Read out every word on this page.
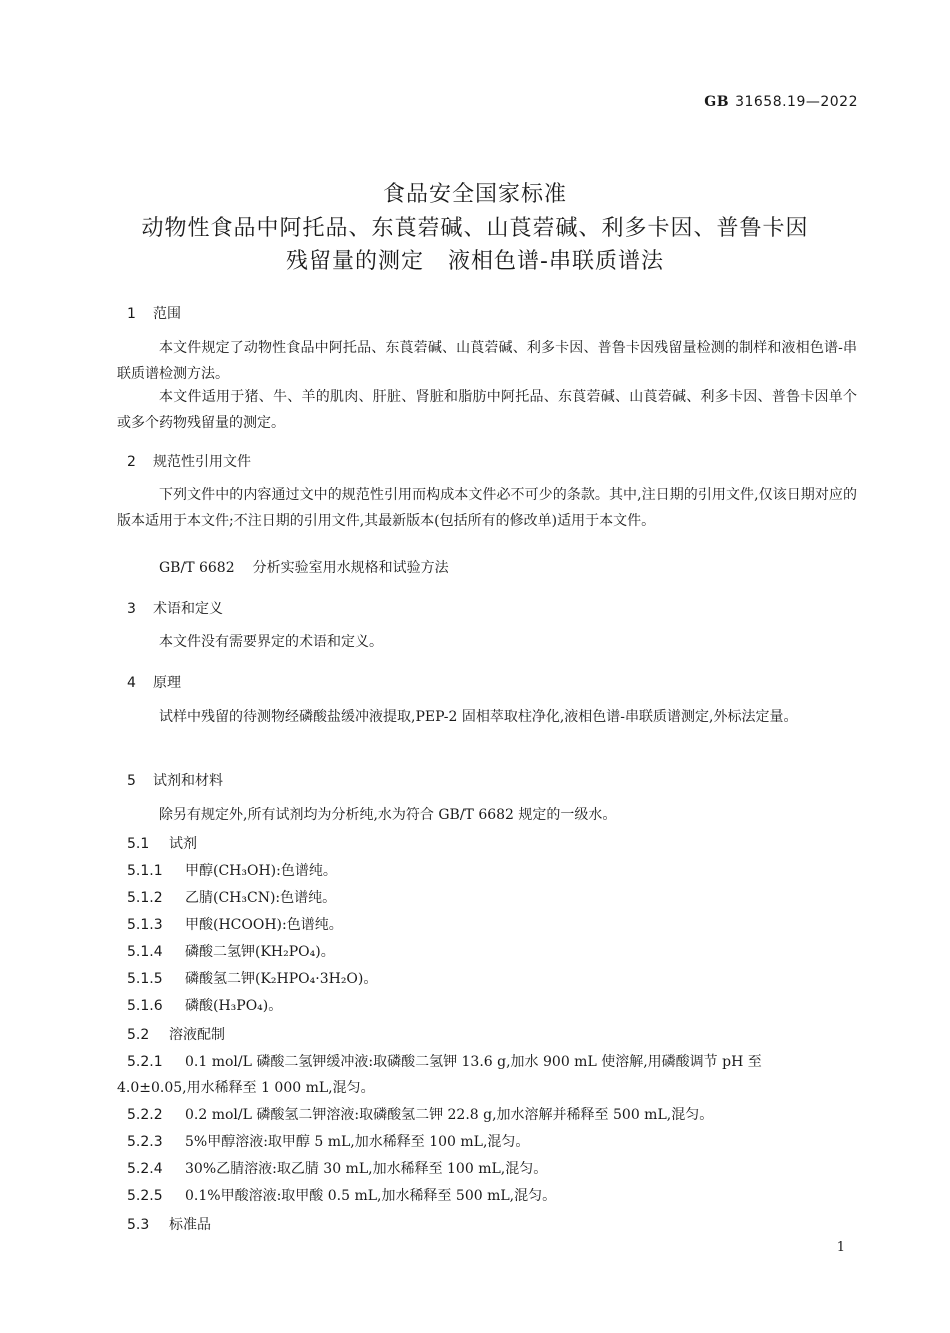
GB 31658.19—2022
食品安全国家标准
动物性食品中阿托品、东莨菪碱、山莨菪碱、利多卡因、普鲁卡因
残留量的测定 液相色谱-串联质谱法
1 范围
本文件规定了动物性食品中阿托品、东莨菪碱、山莨菪碱、利多卡因、普鲁卡因残留量检测的制样和液相色谱-串联质谱检测方法。
本文件适用于猪、牛、羊的肌肉、肝脏、肾脏和脂肪中阿托品、东莨菪碱、山莨菪碱、利多卡因、普鲁卡因单个或多个药物残留量的测定。
2 规范性引用文件
下列文件中的内容通过文中的规范性引用而构成本文件必不可少的条款。其中,注日期的引用文件,仅该日期对应的版本适用于本文件;不注日期的引用文件,其最新版本(包括所有的修改单)适用于本文件。
GB/T 6682 分析实验室用水规格和试验方法
3 术语和定义
本文件没有需要界定的术语和定义。
4 原理
试样中残留的待测物经磷酸盐缓冲液提取,PEP-2 固相萃取柱净化,液相色谱-串联质谱测定,外标法定量。
5 试剂和材料
除另有规定外,所有试剂均为分析纯,水为符合 GB/T 6682 规定的一级水。
5.1 试剂
5.1.1 甲醇(CH₃OH):色谱纯。
5.1.2 乙腈(CH₃CN):色谱纯。
5.1.3 甲酸(HCOOH):色谱纯。
5.1.4 磷酸二氢钾(KH₂PO₄)。
5.1.5 磷酸氢二钾(K₂HPO₄·3H₂O)。
5.1.6 磷酸(H₃PO₄)。
5.2 溶液配制
5.2.1 0.1 mol/L 磷酸二氢钾缓冲液:取磷酸二氢钾 13.6 g,加水 900 mL 使溶解,用磷酸调节 pH 至
4.0±0.05,用水稀释至 1 000 mL,混匀。
5.2.2 0.2 mol/L 磷酸氢二钾溶液:取磷酸氢二钾 22.8 g,加水溶解并稀释至 500 mL,混匀。
5.2.3 5%甲醇溶液:取甲醇 5 mL,加水稀释至 100 mL,混匀。
5.2.4 30%乙腈溶液:取乙腈 30 mL,加水稀释至 100 mL,混匀。
5.2.5 0.1%甲酸溶液:取甲酸 0.5 mL,加水稀释至 500 mL,混匀。
5.3 标准品
1
